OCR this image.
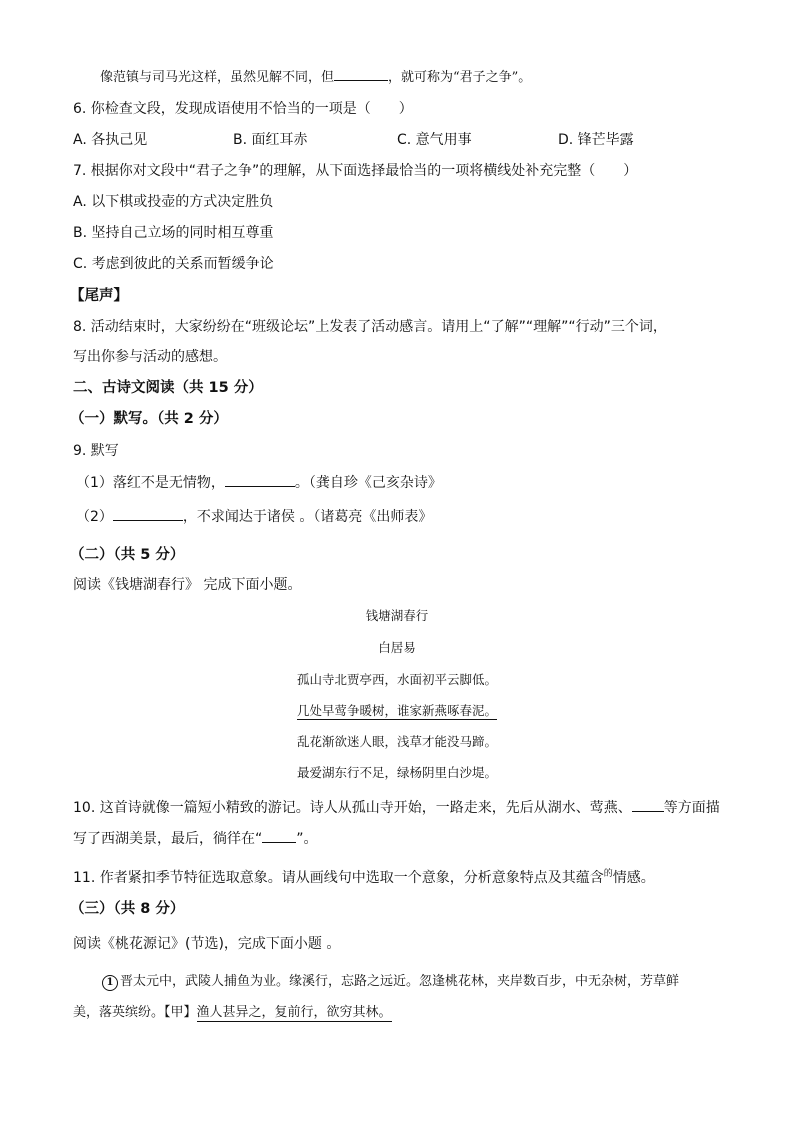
像范镇与司马光这样，虽然见解不同，但	，就可称为“君子之争”。
6. 你检查文段，发现成语使用不恰当的一项是（　　）
A. 各执己见	B. 面红耳赤	C. 意气用事	D. 锋芒毕露
7. 根据你对文段中“君子之争”的理解，从下面选择最恰当的一项将横线处补充完整（　　）
A. 以下棋或投壶的方式决定胜负
B. 坚持自己立场的同时相互尊重
C. 考虑到彼此的关系而暂缓争论
【尾声】
8. 活动结束时，大家纷纷在“班级论坛”上发表了活动感言。请用上“了解”“理解”“行动”三个词，
写出你参与活动的感想。
二、古诗文阅读（共 15 分）
（一）默写。（共 2 分）
9. 默写
（1）落红不是无情物，	。（龚自珍《己亥杂诗》
（2）	，不求闻达于诸侯 。（诸葛亮《出师表》
（二）（共 5 分）
阅读《钱塘湖春行》 完成下面小题。
钱塘湖春行
白居易
孤山寺北贾亭西，水面初平云脚低。
几处早莺争暖树，谁家新燕啄春泥。
乱花渐欲迷人眼，浅草才能没马蹄。
最爱湖东行不足，绿杨阴里白沙堤。
10. 这首诗就像一篇短小精致的游记。诗人从孤山寺开始，一路走来，先后从湖水、莺燕、 等方面描
写了西湖美景，最后，徜徉在“ ”。
11. 作者紧扣季节特征选取意象。请从画线句中选取一个意象，分析意象特点及其蕴含$^的$情感。
（三）（共 8 分）
阅读《桃花源记》(节选)，完成下面小题 。
1 晋太元中，武陵人捕鱼为业。缘溪行，忘路之远近。忽逢桃花林，夹岸数百步，中无杂树，芳草鲜
美，落英缤纷。【甲】渔人甚异之，复前行，欲穷其林。
